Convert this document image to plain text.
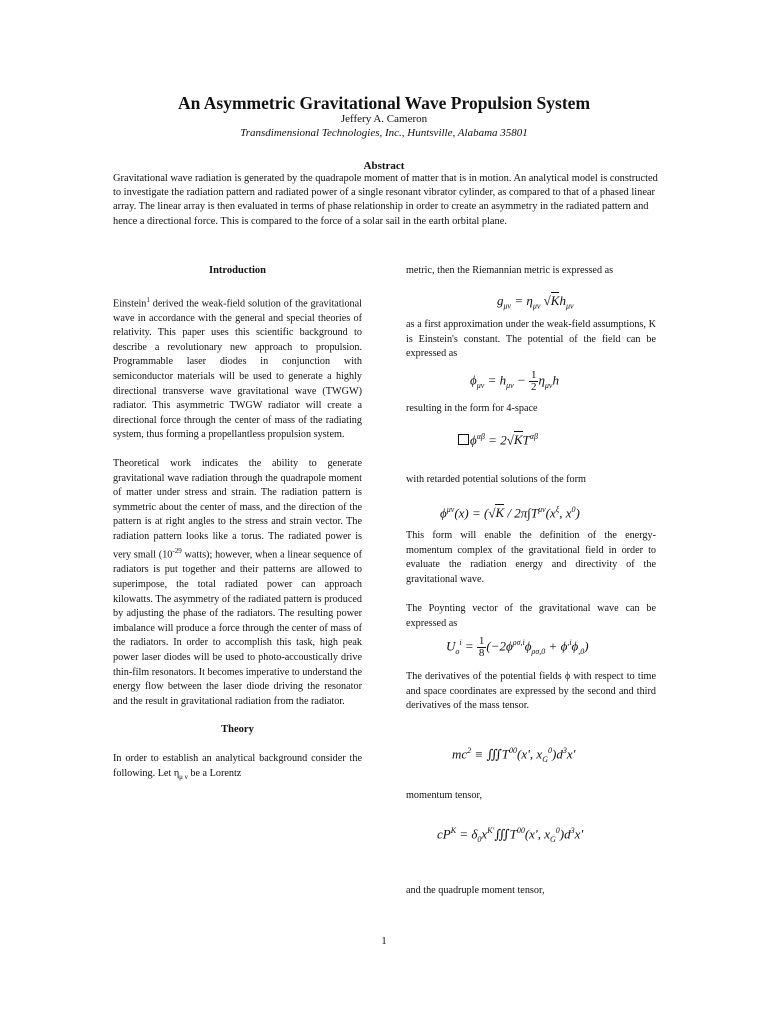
An Asymmetric Gravitational Wave Propulsion System
Jeffery A. Cameron
Transdimensional Technologies, Inc., Huntsville, Alabama 35801
Abstract
Gravitational wave radiation is generated by the quadrapole moment of matter that is in motion. An analytical model is constructed to investigate the radiation pattern and radiated power of a single resonant vibrator cylinder, as compared to that of a phased linear array. The linear array is then evaluated in terms of phase relationship in order to create an asymmetry in the radiated pattern and hence a directional force. This is compared to the force of a solar sail in the earth orbital plane.
Introduction

Einstein$^1$ derived the weak-field solution of the gravitational wave in accordance with the general and special theories of relativity. This paper uses this scientific background to describe a revolutionary new approach to propulsion. Programmable laser diodes in conjunction with semiconductor materials will be used to generate a highly directional transverse wave gravitational wave (TWGW) radiator. This asymmetric TWGW radiator will create a directional force through the center of mass of the radiating system, thus forming a propellantless propulsion system.

Theoretical work indicates the ability to generate gravitational wave radiation through the quadrapole moment of matter under stress and strain. The radiation pattern is symmetric about the center of mass, and the direction of the pattern is at right angles to the stress and strain vector. The radiation pattern looks like a torus. The radiated power is very small ($10^{-29}$ watts); however, when a linear sequence of radiators is put together and their patterns are allowed to superimpose, the total radiated power can approach kilowatts. The asymmetry of the radiated pattern is produced by adjusting the phase of the radiators. The resulting power imbalance will produce a force through the center of mass of the radiators. In order to accomplish this task, high peak power laser diodes will be used to photo-accoustically drive thin-film resonators. It becomes imperative to understand the energy flow between the laser diode driving the resonator and the result in gravitational radiation from the radiator.

Theory

In order to establish an analytical background consider the following. Let $\eta_{\mu \nu}$ be a Lorentz

metric, then the Riemannian metric is expressed as
as a first approximation under the weak-field assumptions, K is Einstein's constant. The potential of the field can be expressed as
resulting in the form for 4-space
with retarded potential solutions of the form
This form will enable the definition of the energy-momentum complex of the gravitational field in order to evaluate the radiation energy and directivity of the gravitational wave.
The Poynting vector of the gravitational wave can be expressed as
The derivatives of the potential fields ϕ with respect to time and space coordinates are expressed by the second and third derivatives of the mass tensor.
momentum tensor,
and the quadruple moment tensor,
$g_{\mu\nu} = \eta_{\mu\nu}$ $√Kh_{\mu\nu}$
$\phi_{\mu\nu} = h_{\mu\nu} - \frac{1}{2} \eta_{\mu\nu}h$
$\phi^{\alpha\beta} = 2√KT^{\alpha\beta}$
$\phi^{\mu\nu}(x) = (√K / 2\pi\int T^{\mu\nu}(x^\xi$, $x^0$)
$U_o^i = \frac{1}{8} (-2\phi^{\rho\sigma,i}\phi_{\rho\sigma,0} + \phi^{,i}\phi_{,0})$
$mc^2$ ≡ $∭T^{00}(x'$, $x_G^0)d^3x'$
$cP^K$ = $\delta_0x^{K'}∭T^{00}(x'$, $x_G^0)d^3x'$
1
